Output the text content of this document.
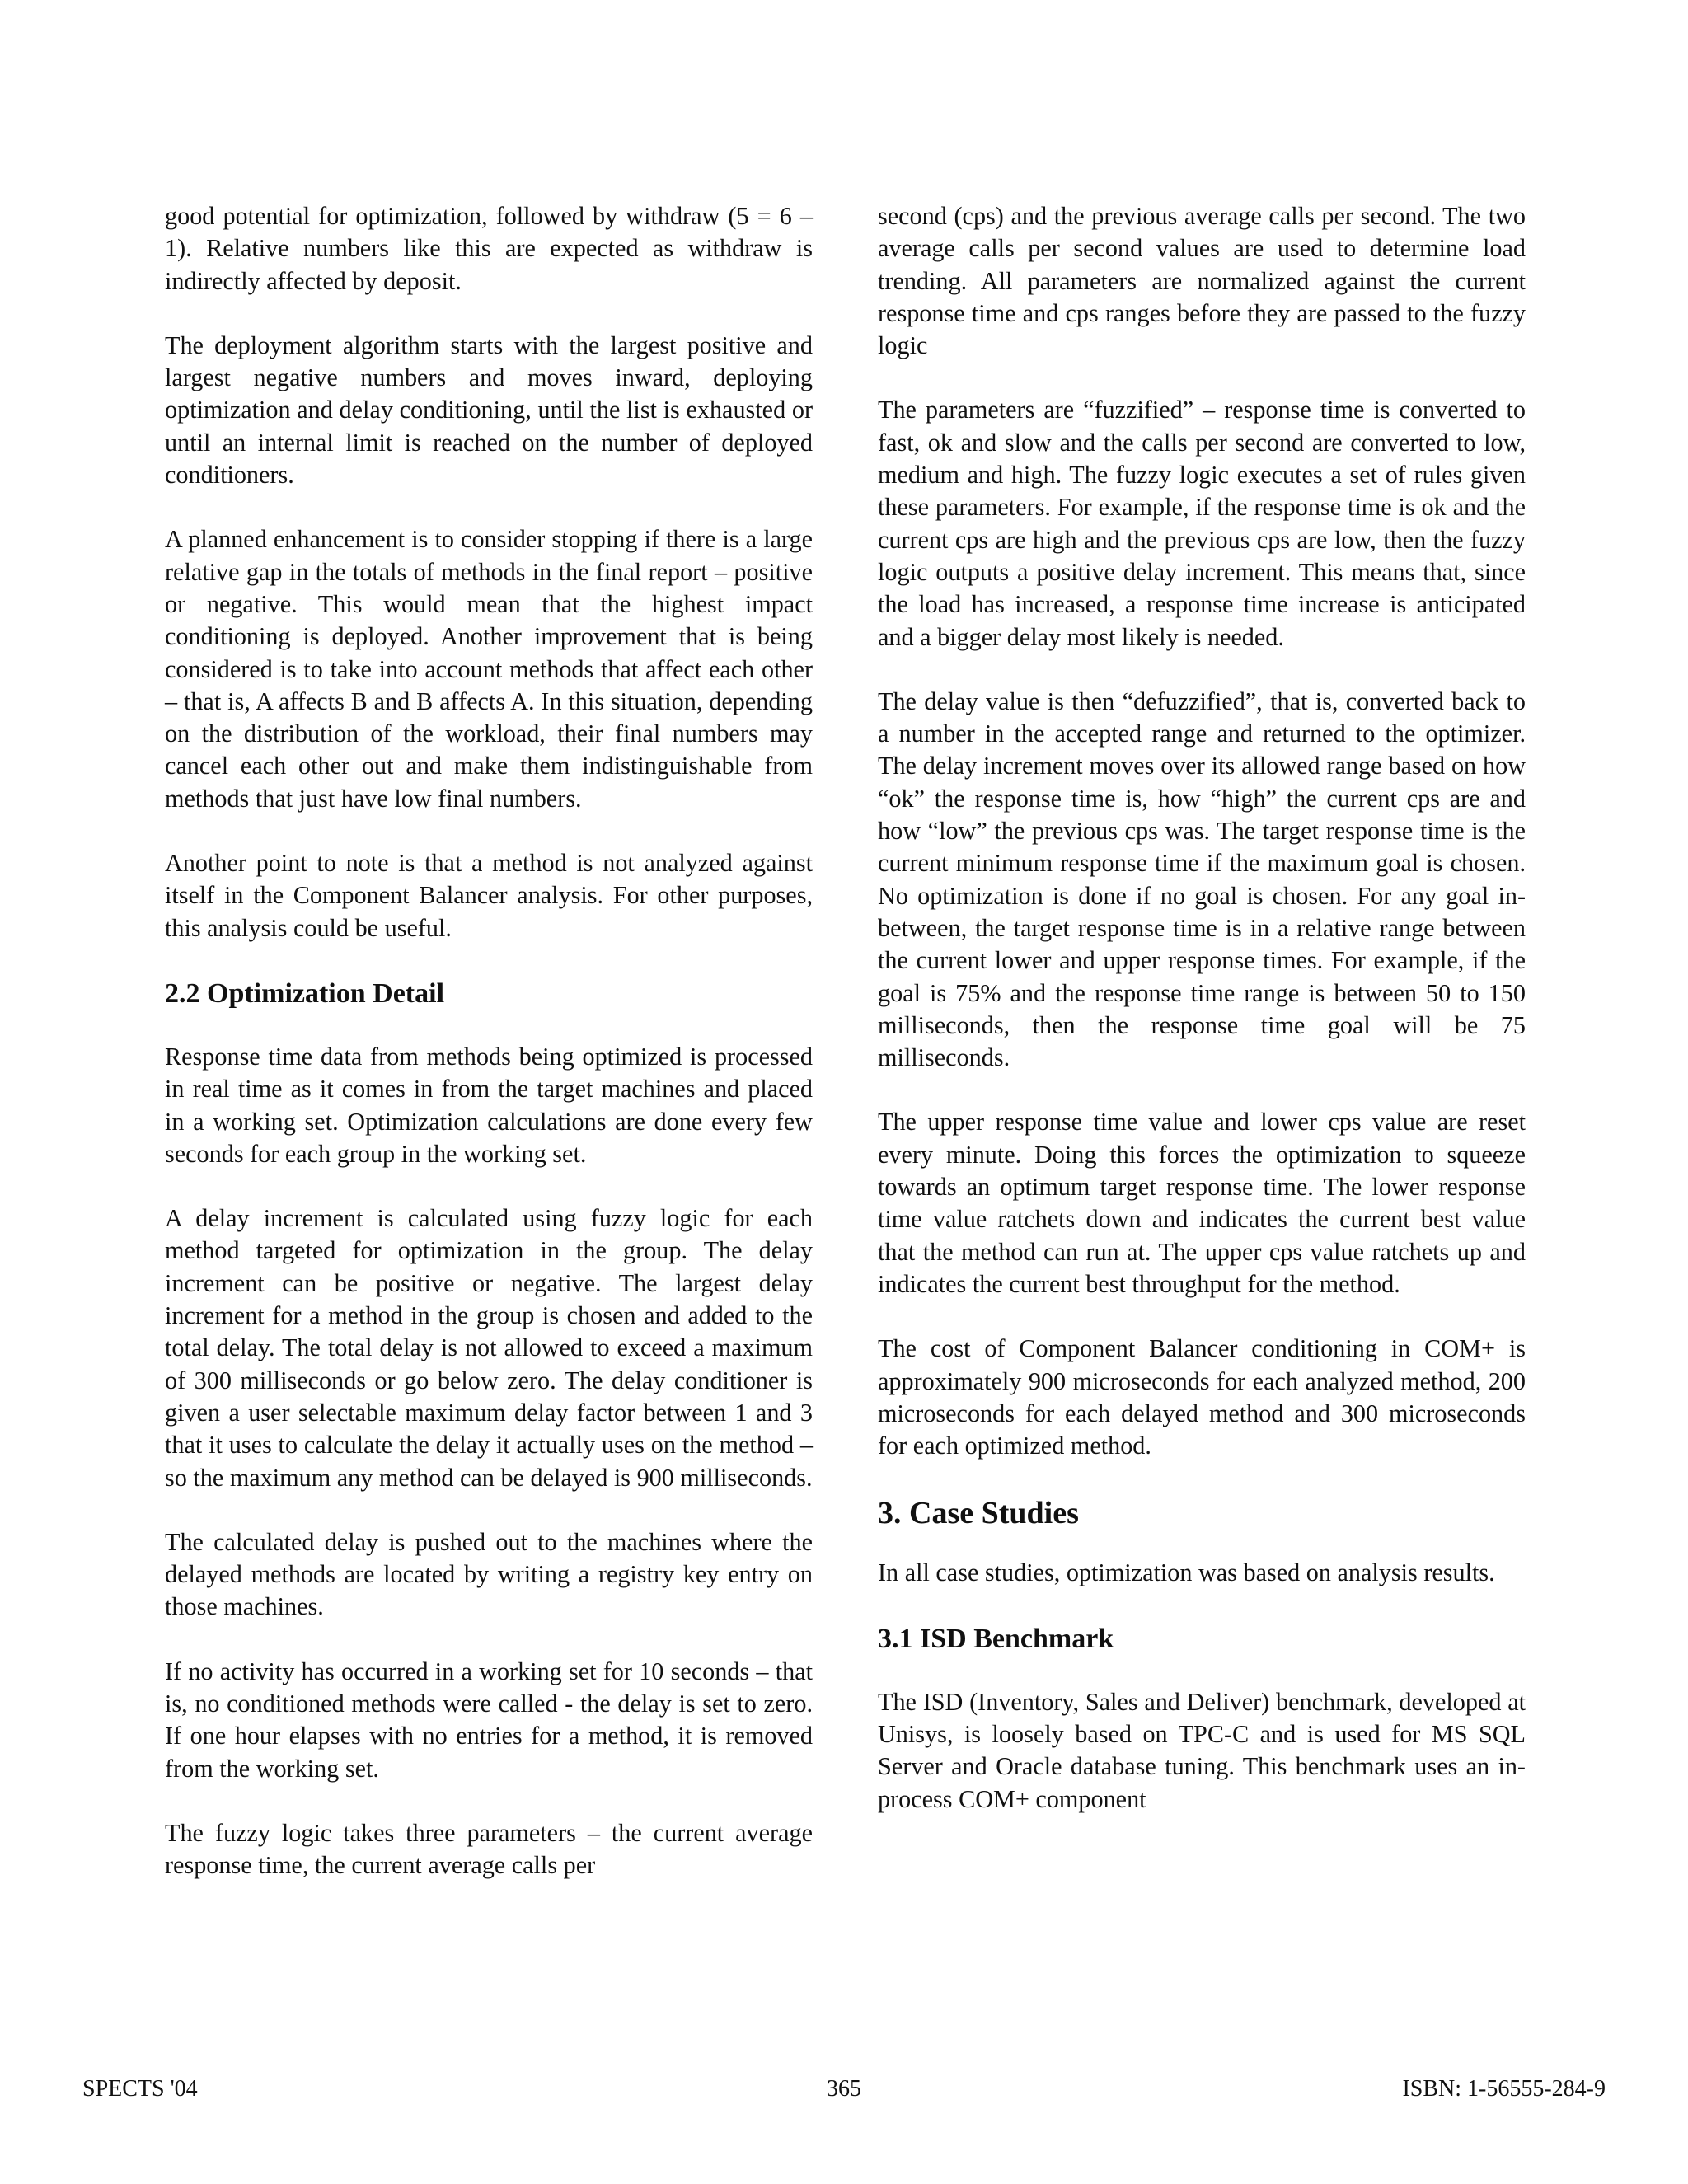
good potential for optimization, followed by withdraw (5 = 6 –1). Relative numbers like this are expected as withdraw is indirectly affected by deposit.

The deployment algorithm starts with the largest positive and largest negative numbers and moves inward, deploying optimization and delay conditioning, until the list is exhausted or until an internal limit is reached on the number of deployed conditioners.

A planned enhancement is to consider stopping if there is a large relative gap in the totals of methods in the final report – positive or negative. This would mean that the highest impact conditioning is deployed. Another improvement that is being considered is to take into account methods that affect each other – that is, A affects B and B affects A. In this situation, depending on the distribution of the workload, their final numbers may cancel each other out and make them indistinguishable from methods that just have low final numbers.

Another point to note is that a method is not analyzed against itself in the Component Balancer analysis. For other purposes, this analysis could be useful.

2.2 Optimization Detail

Response time data from methods being optimized is processed in real time as it comes in from the target machines and placed in a working set. Optimization calculations are done every few seconds for each group in the working set.

A delay increment is calculated using fuzzy logic for each method targeted for optimization in the group. The delay increment can be positive or negative. The largest delay increment for a method in the group is chosen and added to the total delay. The total delay is not allowed to exceed a maximum of 300 milliseconds or go below zero. The delay conditioner is given a user selectable maximum delay factor between 1 and 3 that it uses to calculate the delay it actually uses on the method – so the maximum any method can be delayed is 900 milliseconds.

The calculated delay is pushed out to the machines where the delayed methods are located by writing a registry key entry on those machines.

If no activity has occurred in a working set for 10 seconds – that is, no conditioned methods were called - the delay is set to zero. If one hour elapses with no entries for a method, it is removed from the working set.

The fuzzy logic takes three parameters – the current average response time, the current average calls per

second (cps) and the previous average calls per second. The two average calls per second values are used to determine load trending. All parameters are normalized against the current response time and cps ranges before they are passed to the fuzzy logic

The parameters are “fuzzified” – response time is converted to fast, ok and slow and the calls per second are converted to low, medium and high. The fuzzy logic executes a set of rules given these parameters. For example, if the response time is ok and the current cps are high and the previous cps are low, then the fuzzy logic outputs a positive delay increment. This means that, since the load has increased, a response time increase is anticipated and a bigger delay most likely is needed.

The delay value is then “defuzzified”, that is, converted back to a number in the accepted range and returned to the optimizer. The delay increment moves over its allowed range based on how “ok” the response time is, how “high” the current cps are and how “low” the previous cps was. The target response time is the current minimum response time if the maximum goal is chosen. No optimization is done if no goal is chosen. For any goal in-between, the target response time is in a relative range between the current lower and upper response times. For example, if the goal is 75% and the response time range is between 50 to 150 milliseconds, then the response time goal will be 75 milliseconds.

The upper response time value and lower cps value are reset every minute. Doing this forces the optimization to squeeze towards an optimum target response time. The lower response time value ratchets down and indicates the current best value that the method can run at. The upper cps value ratchets up and indicates the current best throughput for the method.

The cost of Component Balancer conditioning in COM+ is approximately 900 microseconds for each analyzed method, 200 microseconds for each delayed method and 300 microseconds for each optimized method.

3. Case Studies

In all case studies, optimization was based on analysis results.

3.1 ISD Benchmark

The ISD (Inventory, Sales and Deliver) benchmark, developed at Unisys, is loosely based on TPC-C and is used for MS SQL Server and Oracle database tuning. This benchmark uses an in-process COM+ component

SPECTS '04	365	ISBN: 1-56555-284-9
